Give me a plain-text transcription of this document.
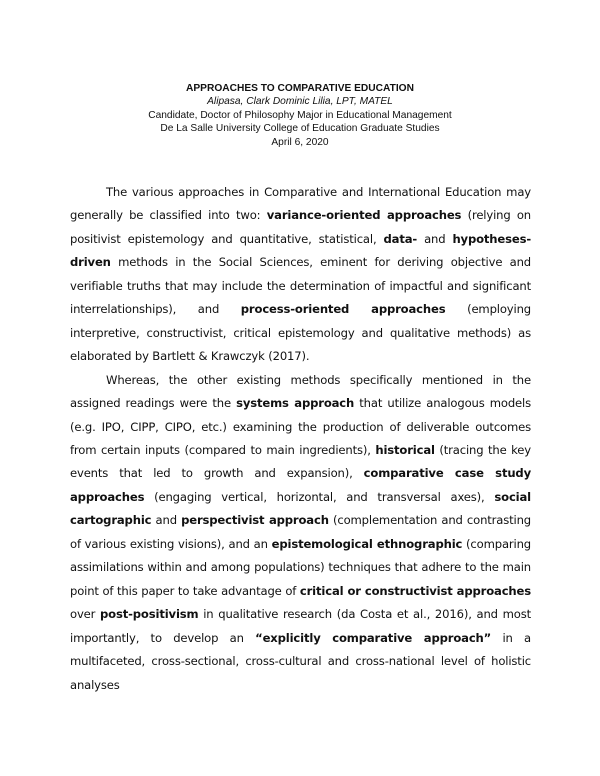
APPROACHES TO COMPARATIVE EDUCATION
Alipasa, Clark Dominic Lilia, LPT, MATEL
Candidate, Doctor of Philosophy Major in Educational Management
De La Salle University College of Education Graduate Studies
April 6, 2020

The various approaches in Comparative and International Education may generally be classified into two: variance-oriented approaches (relying on positivist epistemology and quantitative, statistical, data- and hypotheses-driven methods in the Social Sciences, eminent for deriving objective and verifiable truths that may include the determination of impactful and significant interrelationships), and process-oriented approaches (employing interpretive, constructivist, critical epistemology and qualitative methods) as elaborated by Bartlett & Krawczyk (2017).

Whereas, the other existing methods specifically mentioned in the assigned readings were the systems approach that utilize analogous models (e.g. IPO, CIPP, CIPO, etc.) examining the production of deliverable outcomes from certain inputs (compared to main ingredients), historical (tracing the key events that led to growth and expansion), comparative case study approaches (engaging vertical, horizontal, and transversal axes), social cartographic and perspectivist approach (complementation and contrasting of various existing visions), and an epistemological ethnographic (comparing assimilations within and among populations) techniques that adhere to the main point of this paper to take advantage of critical or constructivist approaches over post-positivism in qualitative research (da Costa et al., 2016), and most importantly, to develop an “explicitly comparative approach” in a multifaceted, cross-sectional, cross-cultural and cross-national level of holistic analyses
